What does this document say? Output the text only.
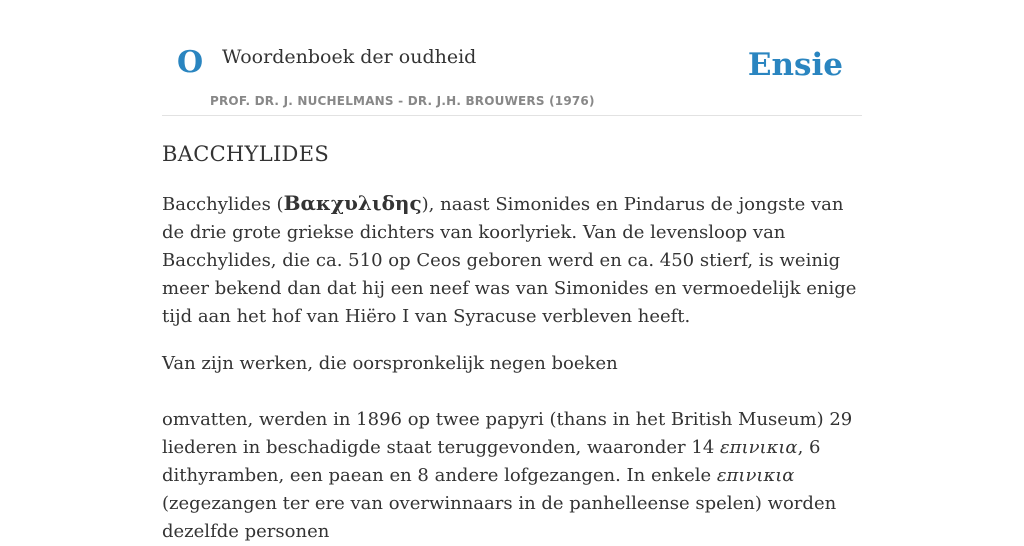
O Woordenboek der oudheid
PROF. DR. J. NUCHELMANS - DR. J.H. BROUWERS (1976)
Ensie
BACCHYLIDES

Bacchylides (Βακχυλιδης), naast Simonides en Pindarus de jongste van de drie grote griekse dichters van koorlyriek. Van de levensloop van Bacchylides, die ca. 510 op Ceos geboren werd en ca. 450 stierf, is weinig meer bekend dan dat hij een neef was van Simonides en vermoedelijk enige tijd aan het hof van Hiëro I van Syracuse verbleven heeft.

Van zijn werken, die oorspronkelijk negen boeken

omvatten, werden in 1896 op twee papyri (thans in het British Museum) 29 liederen in beschadigde staat teruggevonden, waaronder 14 επινικια, 6 dithyramben, een paean en 8 andere lofgezangen. In enkele επινικια (zegezangen ter ere van overwinnaars in de panhelleense spelen) worden dezelfde personen
